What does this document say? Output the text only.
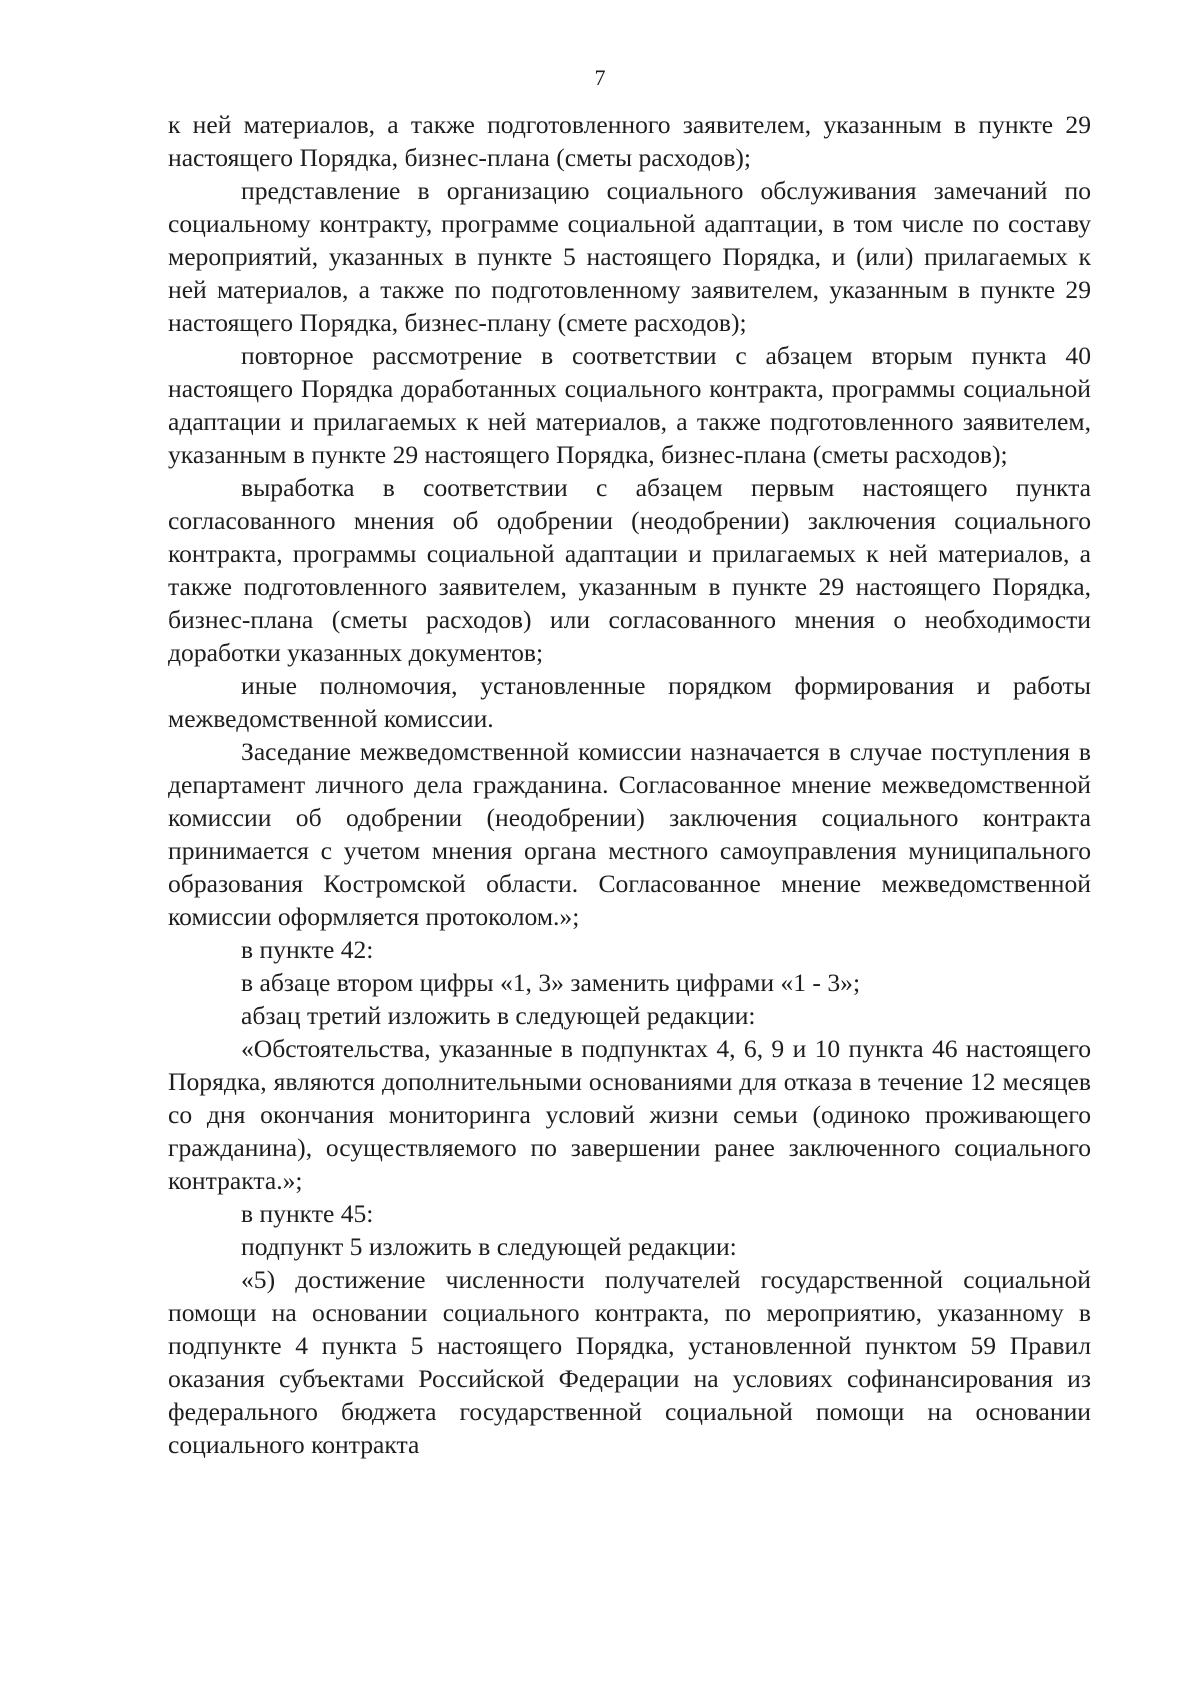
7

к ней материалов, а также подготовленного заявителем, указанным в пункте 29 настоящего Порядка, бизнес-плана (сметы расходов);

представление в организацию социального обслуживания замечаний по социальному контракту, программе социальной адаптации, в том числе по составу мероприятий, указанных в пункте 5 настоящего Порядка, и (или) прилагаемых к ней материалов, а также по подготовленному заявителем, указанным в пункте 29 настоящего Порядка, бизнес-плану (смете расходов);

повторное рассмотрение в соответствии с абзацем вторым пункта 40 настоящего Порядка доработанных социального контракта, программы социальной адаптации и прилагаемых к ней материалов, а также подготовленного заявителем, указанным в пункте 29 настоящего Порядка, бизнес-плана (сметы расходов);

выработка в соответствии с абзацем первым настоящего пункта согласованного мнения об одобрении (неодобрении) заключения социального контракта, программы социальной адаптации и прилагаемых к ней материалов, а также подготовленного заявителем, указанным в пункте 29 настоящего Порядка, бизнес-плана (сметы расходов) или согласованного мнения о необходимости доработки указанных документов;

иные полномочия, установленные порядком формирования и работы межведомственной комиссии.

Заседание межведомственной комиссии назначается в случае поступления в департамент личного дела гражданина. Согласованное мнение межведомственной комиссии об одобрении (неодобрении) заключения социального контракта принимается с учетом мнения органа местного самоуправления муниципального образования Костромской области. Согласованное мнение межведомственной комиссии оформляется протоколом.»;

в пункте 42:

в абзаце втором цифры «1, 3» заменить цифрами «1 - 3»;

абзац третий изложить в следующей редакции:

«Обстоятельства, указанные в подпунктах 4, 6, 9 и 10 пункта 46 настоящего Порядка, являются дополнительными основаниями для отказа в течение 12 месяцев со дня окончания мониторинга условий жизни семьи (одиноко проживающего гражданина), осуществляемого по завершении ранее заключенного социального контракта.»;

в пункте 45:

подпункт 5 изложить в следующей редакции:

«5) достижение численности получателей государственной социальной помощи на основании социального контракта, по мероприятию, указанному в подпункте 4 пункта 5 настоящего Порядка, установленной пунктом 59 Правил оказания субъектами Российской Федерации на условиях софинансирования из федерального бюджета государственной социальной помощи на основании социального контракта
